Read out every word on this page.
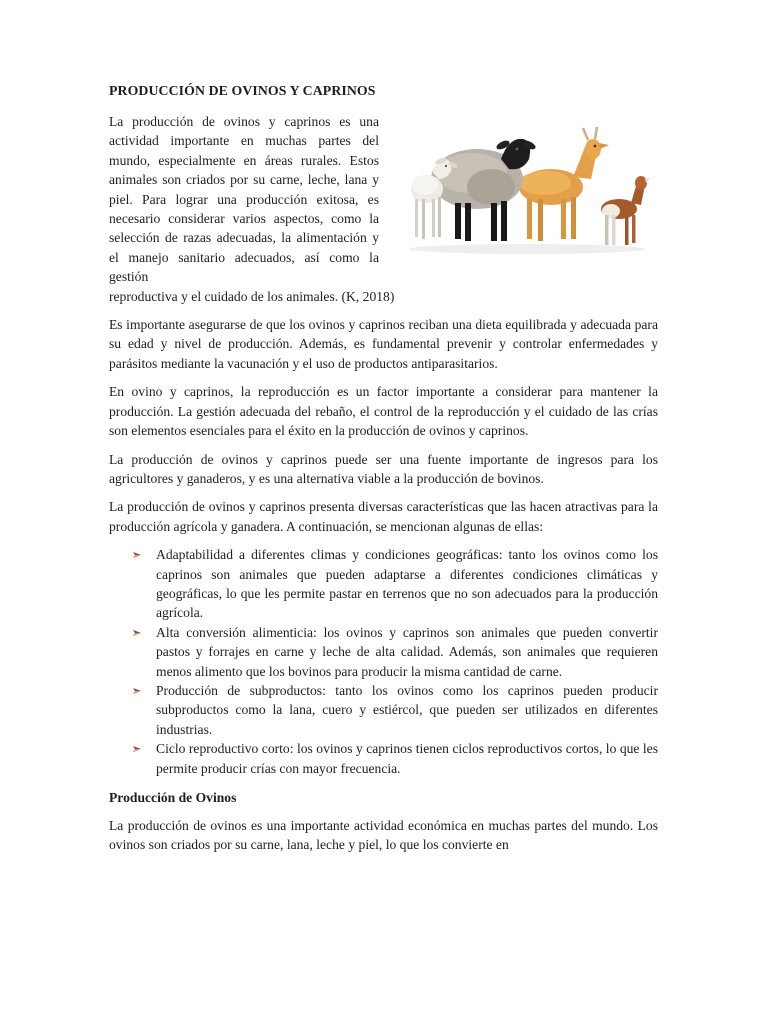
PRODUCCIÓN DE OVINOS Y CAPRINOS

La producción de ovinos y caprinos es una actividad importante en muchas partes del mundo, especialmente en áreas rurales. Estos animales son criados por su carne, leche, lana y piel. Para lograr una producción exitosa, es necesario considerar varios aspectos, como la selección de razas adecuadas, la alimentación y el manejo sanitario adecuados, así como la gestión

reproductiva y el cuidado de los animales. (K, 2018)

Es importante asegurarse de que los ovinos y caprinos reciban una dieta equilibrada y adecuada para su edad y nivel de producción. Además, es fundamental prevenir y controlar enfermedades y parásitos mediante la vacunación y el uso de productos antiparasitarios.

En ovino y caprinos, la reproducción es un factor importante a considerar para mantener la producción. La gestión adecuada del rebaño, el control de la reproducción y el cuidado de las crías son elementos esenciales para el éxito en la producción de ovinos y caprinos.

La producción de ovinos y caprinos puede ser una fuente importante de ingresos para los agricultores y ganaderos, y es una alternativa viable a la producción de bovinos.

La producción de ovinos y caprinos presenta diversas características que las hacen atractivas para la producción agrícola y ganadera. A continuación, se mencionan algunas de ellas:

Adaptabilidad a diferentes climas y condiciones geográficas: tanto los ovinos como los caprinos son animales que pueden adaptarse a diferentes condiciones climáticas y geográficas, lo que les permite pastar en terrenos que no son adecuados para la producción agrícola.
Alta conversión alimenticia: los ovinos y caprinos son animales que pueden convertir pastos y forrajes en carne y leche de alta calidad. Además, son animales que requieren menos alimento que los bovinos para producir la misma cantidad de carne.
Producción de subproductos: tanto los ovinos como los caprinos pueden producir subproductos como la lana, cuero y estiércol, que pueden ser utilizados en diferentes industrias.
Ciclo reproductivo corto: los ovinos y caprinos tienen ciclos reproductivos cortos, lo que les permite producir crías con mayor frecuencia.
Producción de Ovinos

La producción de ovinos es una importante actividad económica en muchas partes del mundo. Los ovinos son criados por su carne, lana, leche y piel, lo que los convierte en
